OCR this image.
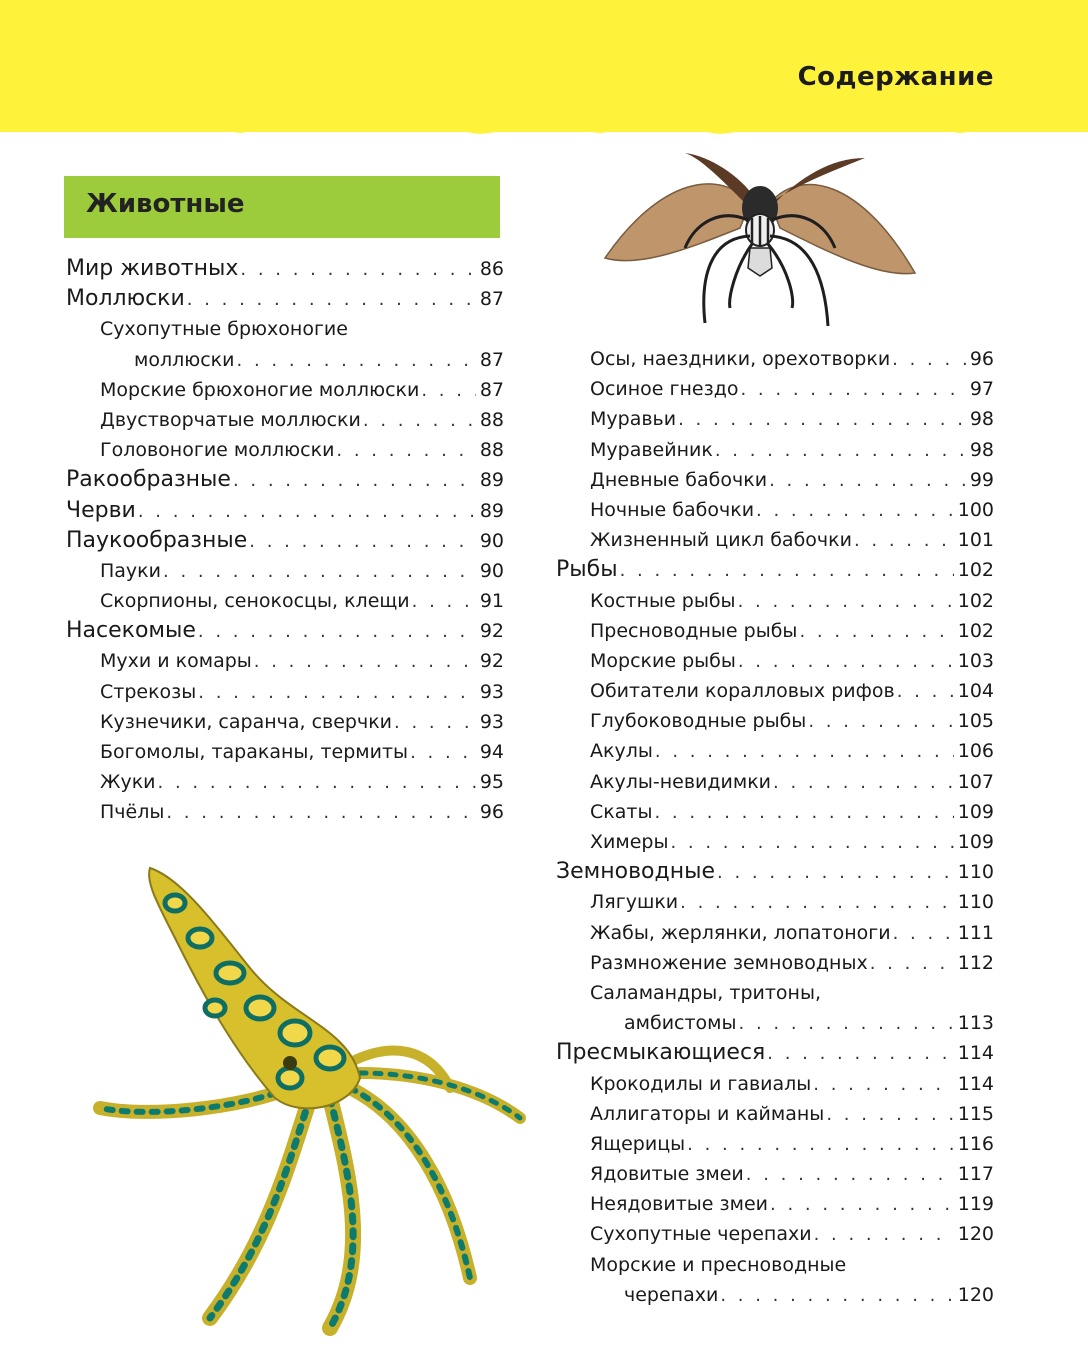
Содержание
Животные
Мир животных . . .	86
Моллюски . . .	87
Сухопутные брюхоногие
моллюски . . .	87
Морские брюхоногие моллюски . . .	87
Двустворчатые моллюски . . .	88
Головоногие моллюски . . .	88
Ракообразные . . .	89
Черви . . .	89
Паукообразные . . .	90
Пауки . . .	90
Скорпионы, сенокосцы, клещи . . .	91
Насекомые . . .	92
Мухи и комары . . .	92
Стрекозы . . .	93
Кузнечики, саранча, сверчки . . .	93
Богомолы, тараканы, термиты . . .	94
Жуки . . .	95
Пчёлы . . .	96
Осы, наездники, орехотворки . . .	96
Осиное гнездо . . .	97
Муравьи . . .	98
Муравейник . . .	98
Дневные бабочки . . .	99
Ночные бабочки . . .	100
Жизненный цикл бабочки . . .	101
Рыбы . . .	102
Костные рыбы . . .	102
Пресноводные рыбы . . .	102
Морские рыбы . . .	103
Обитатели коралловых рифов . . .	104
Глубоководные рыбы . . .	105
Акулы . . .	106
Акулы-невидимки . . .	107
Скаты . . .	109
Химеры . . .	109
Земноводные . . .	110
Лягушки . . .	110
Жабы, жерлянки, лопатоноги . . .	111
Размножение земноводных . . .	112
Саламандры, тритоны,
амбистомы . . .	113
Пресмыкающиеся . . .	114
Крокодилы и гавиалы . . .	114
Аллигаторы и кайманы . . .	115
Ящерицы . . .	116
Ядовитые змеи . . .	117
Неядовитые змеи . . .	119
Сухопутные черепахи . . .	120
Морские и пресноводные
черепахи . . .	120
